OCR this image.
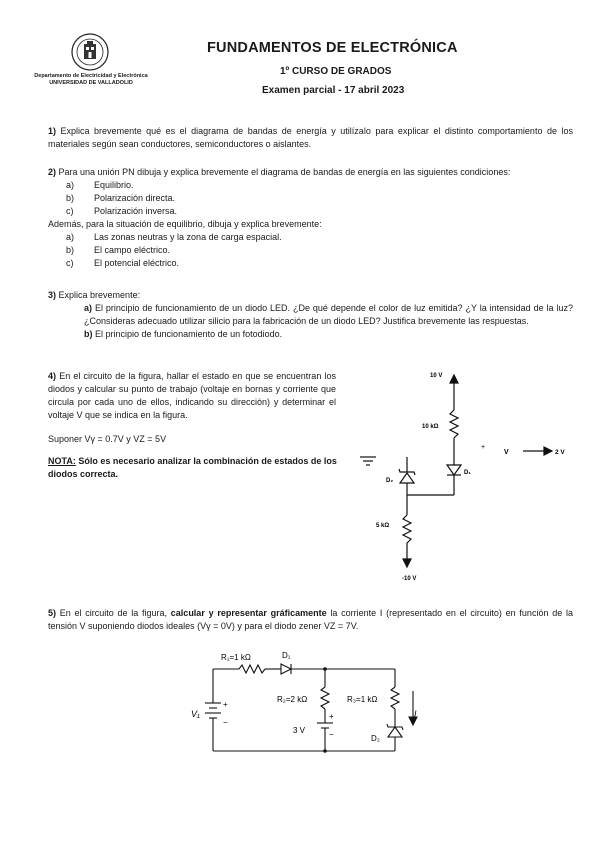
Departamento de Electricidad y Electrónica
UNIVERSIDAD DE VALLADOLID
FUNDAMENTOS DE ELECTRÓNICA
1º CURSO DE GRADOS
Examen parcial - 17 abril 2023
1) Explica brevemente qué es el diagrama de bandas de energía y utilízalo para explicar el distinto comportamiento de los materiales según sean conductores, semiconductores o aislantes.
2) Para una unión PN dibuja y explica brevemente el diagrama de bandas de energía en las siguientes condiciones:
a) Equilibrio.
b) Polarización directa.
c) Polarización inversa.
Además, para la situación de equilibrio, dibuja y explica brevemente:
a) Las zonas neutras y la zona de carga espacial.
b) El campo eléctrico.
c) El potencial eléctrico.
3) Explica brevemente:
a) El principio de funcionamiento de un diodo LED. ¿De qué depende el color de luz emitida? ¿Y la intensidad de la luz? ¿Consideras adecuado utilizar silicio para la fabricación de un diodo LED? Justifica brevemente las respuestas.
b) El principio de funcionamiento de un fotodiodo.
4) En el circuito de la figura, hallar el estado en que se encuentran los diodos y calcular su punto de trabajo (voltaje en bornas y corriente que circula por cada uno de ellos, indicando su dirección) y determinar el voltaje V que se indica en la figura.
Suponer Vγ = 0.7V y VZ = 5V
NOTA: Sólo es necesario analizar la combinación de estados de los diodos correcta.
10 V
10 kΩ
+
V	2 V
D₁
D₂
5 kΩ
-10 V
5) En el circuito de la figura, calcular y representar gráficamente la corriente I (representado en el circuito) en función de la tensión V suponiendo diodos ideales (Vγ = 0V) y para el diodo zener VZ = 7V.
R₁=1 kΩ	D₁
R₂=2 kΩ	R₃=1 kΩ
V₁
+
−
+
−
3 V
D₂
I
